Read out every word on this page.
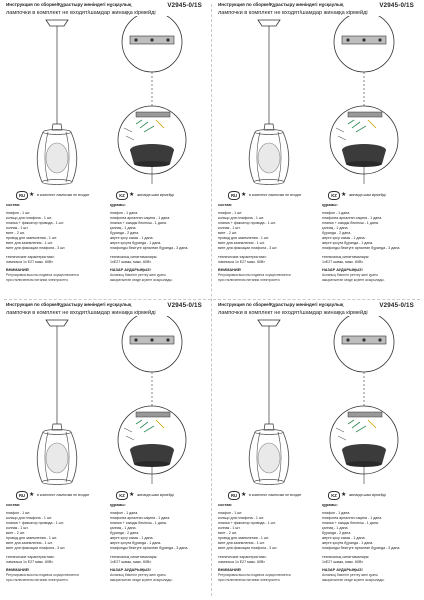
Инструкция по сборке/Құрастыру жөніндегі нұсқаулық	V2945-0/1S
лампочки в комплект не входят/шамдар жинаққа кірмейді
RU ★ в комплект лампочки не входят	KZ ★ жинаққа шам кірмейді
состав:
плафон - 1 шт.
кольцо для плафона - 1 шт.
планка + фиксатор провода - 1 шт.
колпак - 1 шт.
винт - 2 шт.
провод для заземления - 1 шт.
винт для заземления - 1 шт.
винт для фиксации плафона - 3 шт.
технические характеристики:
лампочка 1x E27 макс. 60Вт
ВНИМАНИЕ!
Регулировка высоты подвеса осуществляется
при отключенном питании электросети.
құрамы:
плафон - 1 дана.
плафонға арналған сақина - 1 дана.
планка + сымды бекіткіш - 1 дана.
қалпақ - 1 дана.
бұранда - 2 дана.
жерге қосу сымы - 1 дана.
жерге қосуға бұранда - 1 дана.
плафонды бекітуге арналған бұранда - 3 дана.
техникалық сипаттамалары:
1xE27 шамы, макс. 60Вт.
НАЗАР АУДАРЫҢЫЗ!
Аспаның биіктігін реттеу желі қуаты
ажыратылған кезде жүзеге асырылады.
Инструкция по сборке/Құрастыру жөніндегі нұсқаулық	V2945-0/1S
лампочки в комплект не входят/шамдар жинаққа кірмейді
RU ★ в комплект лампочки не входят	KZ ★ жинаққа шам кірмейді
состав:
плафон - 1 шт.
кольцо для плафона - 1 шт.
планка + фиксатор провода - 1 шт.
колпак - 1 шт.
винт - 2 шт.
провод для заземления - 1 шт.
винт для заземления - 1 шт.
винт для фиксации плафона - 3 шт.
технические характеристики:
лампочка 1x E27 макс. 60Вт
ВНИМАНИЕ!
Регулировка высоты подвеса осуществляется
при отключенном питании электросети.
құрамы:
плафон - 1 дана.
плафонға арналған сақина - 1 дана.
планка + сымды бекіткіш - 1 дана.
қалпақ - 1 дана.
бұранда - 2 дана.
жерге қосу сымы - 1 дана.
жерге қосуға бұранда - 1 дана.
плафонды бекітуге арналған бұранда - 3 дана.
техникалық сипаттамалары:
1xE27 шамы, макс. 60Вт.
НАЗАР АУДАРЫҢЫЗ!
Аспаның биіктігін реттеу желі қуаты
ажыратылған кезде жүзеге асырылады.
Инструкция по сборке/Құрастыру жөніндегі нұсқаулық	V2945-0/1S
лампочки в комплект не входят/шамдар жинаққа кірмейді
RU ★ в комплект лампочки не входят	KZ ★ жинаққа шам кірмейді
состав:
плафон - 1 шт.
кольцо для плафона - 1 шт.
планка + фиксатор провода - 1 шт.
колпак - 1 шт.
винт - 2 шт.
провод для заземления - 1 шт.
винт для заземления - 1 шт.
винт для фиксации плафона - 3 шт.
технические характеристики:
лампочка 1x E27 макс. 60Вт
ВНИМАНИЕ!
Регулировка высоты подвеса осуществляется
при отключенном питании электросети.
құрамы:
плафон - 1 дана.
плафонға арналған сақина - 1 дана.
планка + сымды бекіткіш - 1 дана.
қалпақ - 1 дана.
бұранда - 2 дана.
жерге қосу сымы - 1 дана.
жерге қосуға бұранда - 1 дана.
плафонды бекітуге арналған бұранда - 3 дана.
техникалық сипаттамалары:
1xE27 шамы, макс. 60Вт.
НАЗАР АУДАРЫҢЫЗ!
Аспаның биіктігін реттеу желі қуаты
ажыратылған кезде жүзеге асырылады.
Инструкция по сборке/Құрастыру жөніндегі нұсқаулық	V2945-0/1S
лампочки в комплект не входят/шамдар жинаққа кірмейді
RU ★ в комплект лампочки не входят	KZ ★ жинаққа шам кірмейді
состав:
плафон - 1 шт.
кольцо для плафона - 1 шт.
планка + фиксатор провода - 1 шт.
колпак - 1 шт.
винт - 2 шт.
провод для заземления - 1 шт.
винт для заземления - 1 шт.
винт для фиксации плафона - 3 шт.
технические характеристики:
лампочка 1x E27 макс. 60Вт
ВНИМАНИЕ!
Регулировка высоты подвеса осуществляется
при отключенном питании электросети.
құрамы:
плафон - 1 дана.
плафонға арналған сақина - 1 дана.
планка + сымды бекіткіш - 1 дана.
қалпақ - 1 дана.
бұранда - 2 дана.
жерге қосу сымы - 1 дана.
жерге қосуға бұранда - 1 дана.
плафонды бекітуге арналған бұранда - 3 дана.
техникалық сипаттамалары:
1xE27 шамы, макс. 60Вт.
НАЗАР АУДАРЫҢЫЗ!
Аспаның биіктігін реттеу желі қуаты
ажыратылған кезде жүзеге асырылады.
